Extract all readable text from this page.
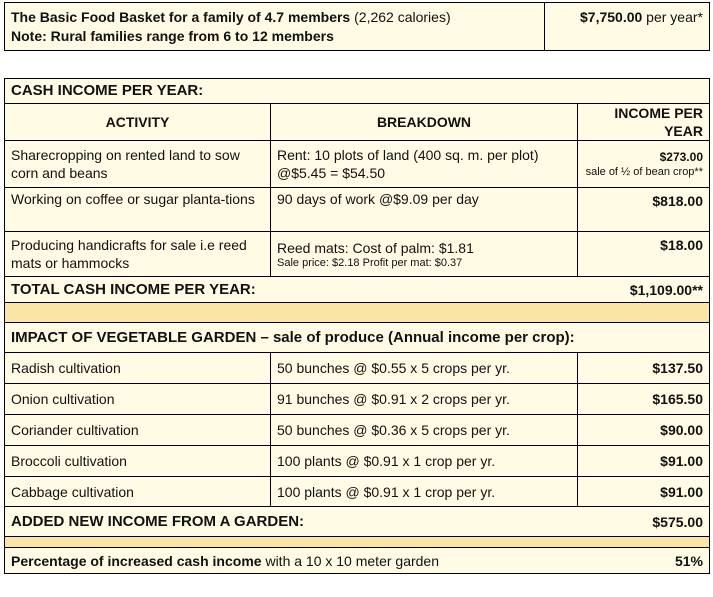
The Basic Food Basket for a family of 4.7 members (2,262 calories)
Note: Rural families range from 6 to 12 members
	$7,750.00 per year*
CASH INCOME PER YEAR:			
ACTIVITY	BREAKDOWN		INCOME PER YEAR
Sharecropping on rented land to sow corn and beans	Rent: 10 plots of land (400 sq. m. per plot) @$5.45 = $54.50		$273.00
sale of ½ of bean crop**

Working on coffee or sugar planta-tions	90 days of work @$9.09 per day		$818.00
Producing handicrafts for sale i.e reed mats or hammocks	Reed mats: Cost of palm: $1.81
Sale price: $2.18 Profit per mat: $0.37		$18.00
TOTAL CASH INCOME PER YEAR:		$1,109.00**	

IMPACT OF VEGETABLE GARDEN – sale of produce (Annual income per crop):			
Radish cultivation	50 bunches @ $0.55 x 5 crops per yr.		$137.50
Onion cultivation	91 bunches @ $0.91 x 2 crops per yr.		$165.50
Coriander cultivation	50 bunches @ $0.36 x 5 crops per yr.		$90.00
Broccoli cultivation	100 plants @ $0.91 x 1 crop per yr.		$91.00
Cabbage cultivation	100 plants @ $0.91 x 1 crop per yr.		$91.00
ADDED NEW INCOME FROM A GARDEN:		$575.00	

Percentage of increased cash income with a 10 x 10 meter garden			51%
